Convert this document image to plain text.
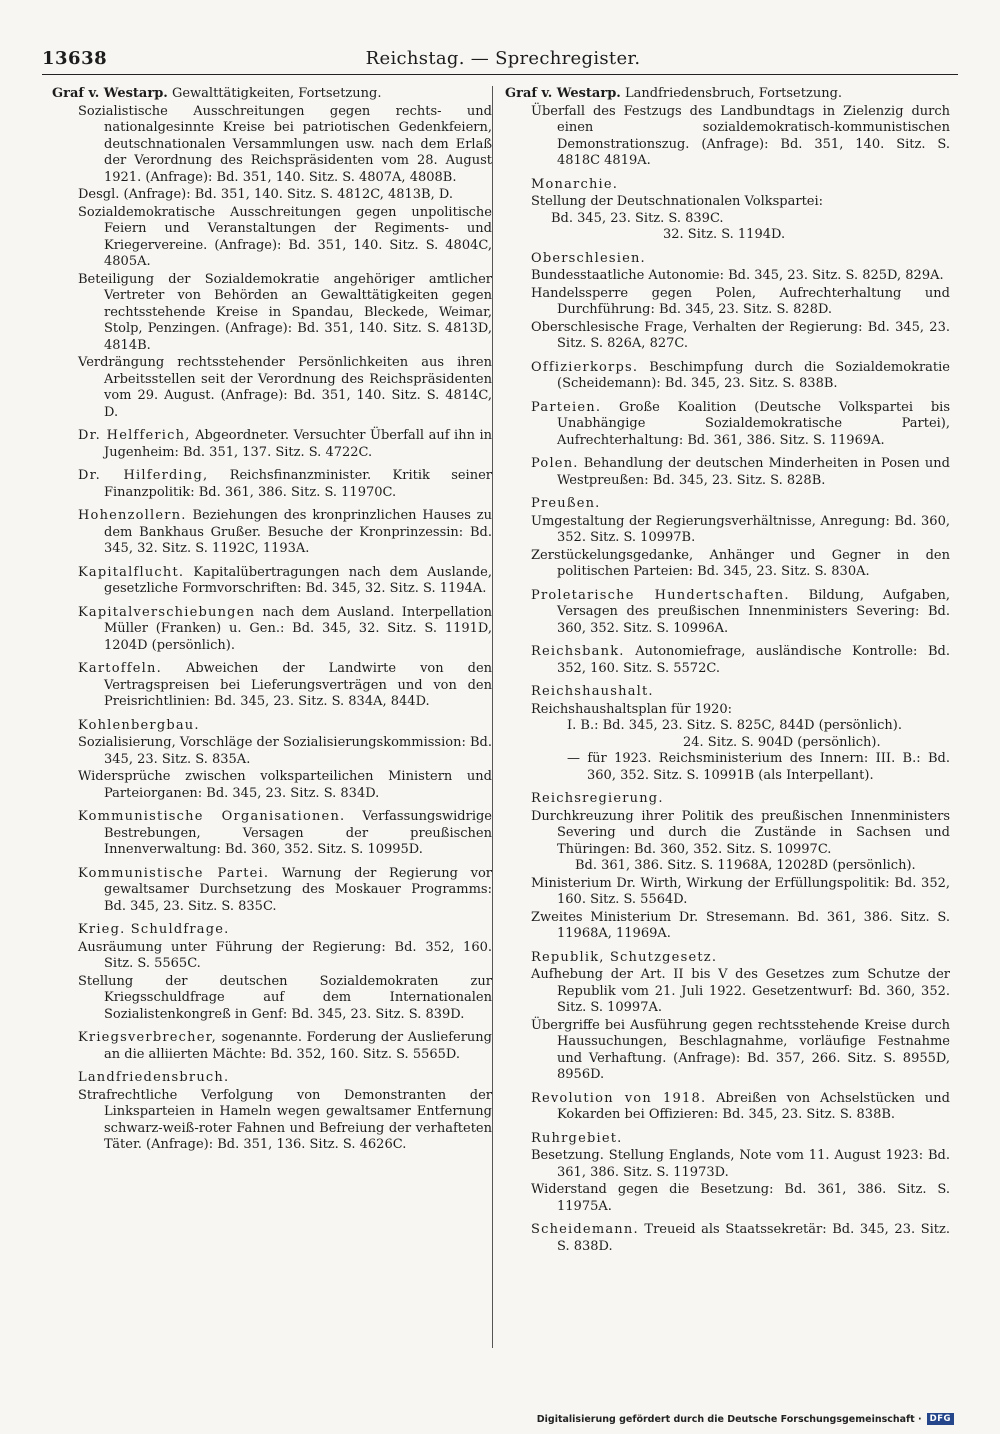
13638	Reichstag. — Sprechregister.
Graf v. Westarp. Gewalttätigkeiten, Fortsetzung.
Sozialistische Ausschreitungen gegen rechts- und nationalgesinnte Kreise bei patriotischen Gedenkfeiern, deutschnationalen Versammlungen usw. nach dem Erlaß der Verordnung des Reichspräsidenten vom 28. August 1921. (Anfrage): Bd. 351, 140. Sitz. S. 4807A, 4808B.
Desgl. (Anfrage): Bd. 351, 140. Sitz. S. 4812C, 4813B, D.
Sozialdemokratische Ausschreitungen gegen unpolitische Feiern und Veranstaltungen der Regiments- und Kriegervereine. (Anfrage): Bd. 351, 140. Sitz. S. 4804C, 4805A.
Beteiligung der Sozialdemokratie angehöriger amtlicher Vertreter von Behörden an Gewalttätigkeiten gegen rechtsstehende Kreise in Spandau, Bleckede, Weimar, Stolp, Penzingen. (Anfrage): Bd. 351, 140. Sitz. S. 4813D, 4814B.
Verdrängung rechtsstehender Persönlichkeiten aus ihren Arbeitsstellen seit der Verordnung des Reichspräsidenten vom 29. August. (Anfrage): Bd. 351, 140. Sitz. S. 4814C, D.
Dr. Helfferich, Abgeordneter. Versuchter Überfall auf ihn in Jugenheim: Bd. 351, 137. Sitz. S. 4722C.
Dr. Hilferding, Reichsfinanzminister. Kritik seiner Finanzpolitik: Bd. 361, 386. Sitz. S. 11970C.
Hohenzollern. Beziehungen des kronprinzlichen Hauses zu dem Bankhaus Grußer. Besuche der Kronprinzessin: Bd. 345, 32. Sitz. S. 1192C, 1193A.
Kapitalflucht. Kapitalübertragungen nach dem Auslande, gesetzliche Formvorschriften: Bd. 345, 32. Sitz. S. 1194A.
Kapitalverschiebungen nach dem Ausland. Interpellation Müller (Franken) u. Gen.: Bd. 345, 32. Sitz. S. 1191D, 1204D (persönlich).
Kartoffeln. Abweichen der Landwirte von den Vertragspreisen bei Lieferungsverträgen und von den Preisrichtlinien: Bd. 345, 23. Sitz. S. 834A, 844D.
Kohlenbergbau.
Sozialisierung, Vorschläge der Sozialisierungskommission: Bd. 345, 23. Sitz. S. 835A.
Widersprüche zwischen volksparteilichen Ministern und Parteiorganen: Bd. 345, 23. Sitz. S. 834D.
Kommunistische Organisationen. Verfassungswidrige Bestrebungen, Versagen der preußischen Innenverwaltung: Bd. 360, 352. Sitz. S. 10995D.
Kommunistische Partei. Warnung der Regierung vor gewaltsamer Durchsetzung des Moskauer Programms: Bd. 345, 23. Sitz. S. 835C.
Krieg. Schuldfrage.
Ausräumung unter Führung der Regierung: Bd. 352, 160. Sitz. S. 5565C.
Stellung der deutschen Sozialdemokraten zur Kriegsschuldfrage auf dem Internationalen Sozialistenkongreß in Genf: Bd. 345, 23. Sitz. S. 839D.
Kriegsverbrecher, sogenannte. Forderung der Auslieferung an die alliierten Mächte: Bd. 352, 160. Sitz. S. 5565D.
Landfriedensbruch.
Strafrechtliche Verfolgung von Demonstranten der Linksparteien in Hameln wegen gewaltsamer Entfernung schwarz-weiß-roter Fahnen und Befreiung der verhafteten Täter. (Anfrage): Bd. 351, 136. Sitz. S. 4626C.
Graf v. Westarp. Landfriedensbruch, Fortsetzung.
Überfall des Festzugs des Landbundtags in Zielenzig durch einen sozialdemokratisch-kommunistischen Demonstrationszug. (Anfrage): Bd. 351, 140. Sitz. S. 4818C 4819A.
Monarchie.
Stellung der Deutschnationalen Volkspartei:
Bd. 345, 23. Sitz. S. 839C.
32. Sitz. S. 1194D.
Oberschlesien.
Bundesstaatliche Autonomie: Bd. 345, 23. Sitz. S. 825D, 829A.
Handelssperre gegen Polen, Aufrechterhaltung und Durchführung: Bd. 345, 23. Sitz. S. 828D.
Oberschlesische Frage, Verhalten der Regierung: Bd. 345, 23. Sitz. S. 826A, 827C.
Offizierkorps. Beschimpfung durch die Sozialdemokratie (Scheidemann): Bd. 345, 23. Sitz. S. 838B.
Parteien. Große Koalition (Deutsche Volkspartei bis Unabhängige Sozialdemokratische Partei), Aufrechterhaltung: Bd. 361, 386. Sitz. S. 11969A.
Polen. Behandlung der deutschen Minderheiten in Posen und Westpreußen: Bd. 345, 23. Sitz. S. 828B.
Preußen.
Umgestaltung der Regierungsverhältnisse, Anregung: Bd. 360, 352. Sitz. S. 10997B.
Zerstückelungsgedanke, Anhänger und Gegner in den politischen Parteien: Bd. 345, 23. Sitz. S. 830A.
Proletarische Hundertschaften. Bildung, Aufgaben, Versagen des preußischen Innenministers Severing: Bd. 360, 352. Sitz. S. 10996A.
Reichsbank. Autonomiefrage, ausländische Kontrolle: Bd. 352, 160. Sitz. S. 5572C.
Reichshaushalt.
Reichshaushaltsplan für 1920:
I. B.: Bd. 345, 23. Sitz. S. 825C, 844D (persönlich).
24. Sitz. S. 904D (persönlich).
— für 1923. Reichsministerium des Innern: III. B.: Bd. 360, 352. Sitz. S. 10991B (als Interpellant).
Reichsregierung.
Durchkreuzung ihrer Politik des preußischen Innenministers Severing und durch die Zustände in Sachsen und Thüringen: Bd. 360, 352. Sitz. S. 10997C.
Bd. 361, 386. Sitz. S. 11968A, 12028D (persönlich).
Ministerium Dr. Wirth, Wirkung der Erfüllungspolitik: Bd. 352, 160. Sitz. S. 5564D.
Zweites Ministerium Dr. Stresemann. Bd. 361, 386. Sitz. S. 11968A, 11969A.
Republik, Schutzgesetz.
Aufhebung der Art. II bis V des Gesetzes zum Schutze der Republik vom 21. Juli 1922. Gesetzentwurf: Bd. 360, 352. Sitz. S. 10997A.
Übergriffe bei Ausführung gegen rechtsstehende Kreise durch Haussuchungen, Beschlagnahme, vorläufige Festnahme und Verhaftung. (Anfrage): Bd. 357, 266. Sitz. S. 8955D, 8956D.
Revolution von 1918. Abreißen von Achselstücken und Kokarden bei Offizieren: Bd. 345, 23. Sitz. S. 838B.
Ruhrgebiet.
Besetzung. Stellung Englands, Note vom 11. August 1923: Bd. 361, 386. Sitz. S. 11973D.
Widerstand gegen die Besetzung: Bd. 361, 386. Sitz. S. 11975A.
Scheidemann. Treueid als Staatssekretär: Bd. 345, 23. Sitz. S. 838D.
Digitalisierung gefördert durch die Deutsche Forschungsgemeinschaft · DFG
